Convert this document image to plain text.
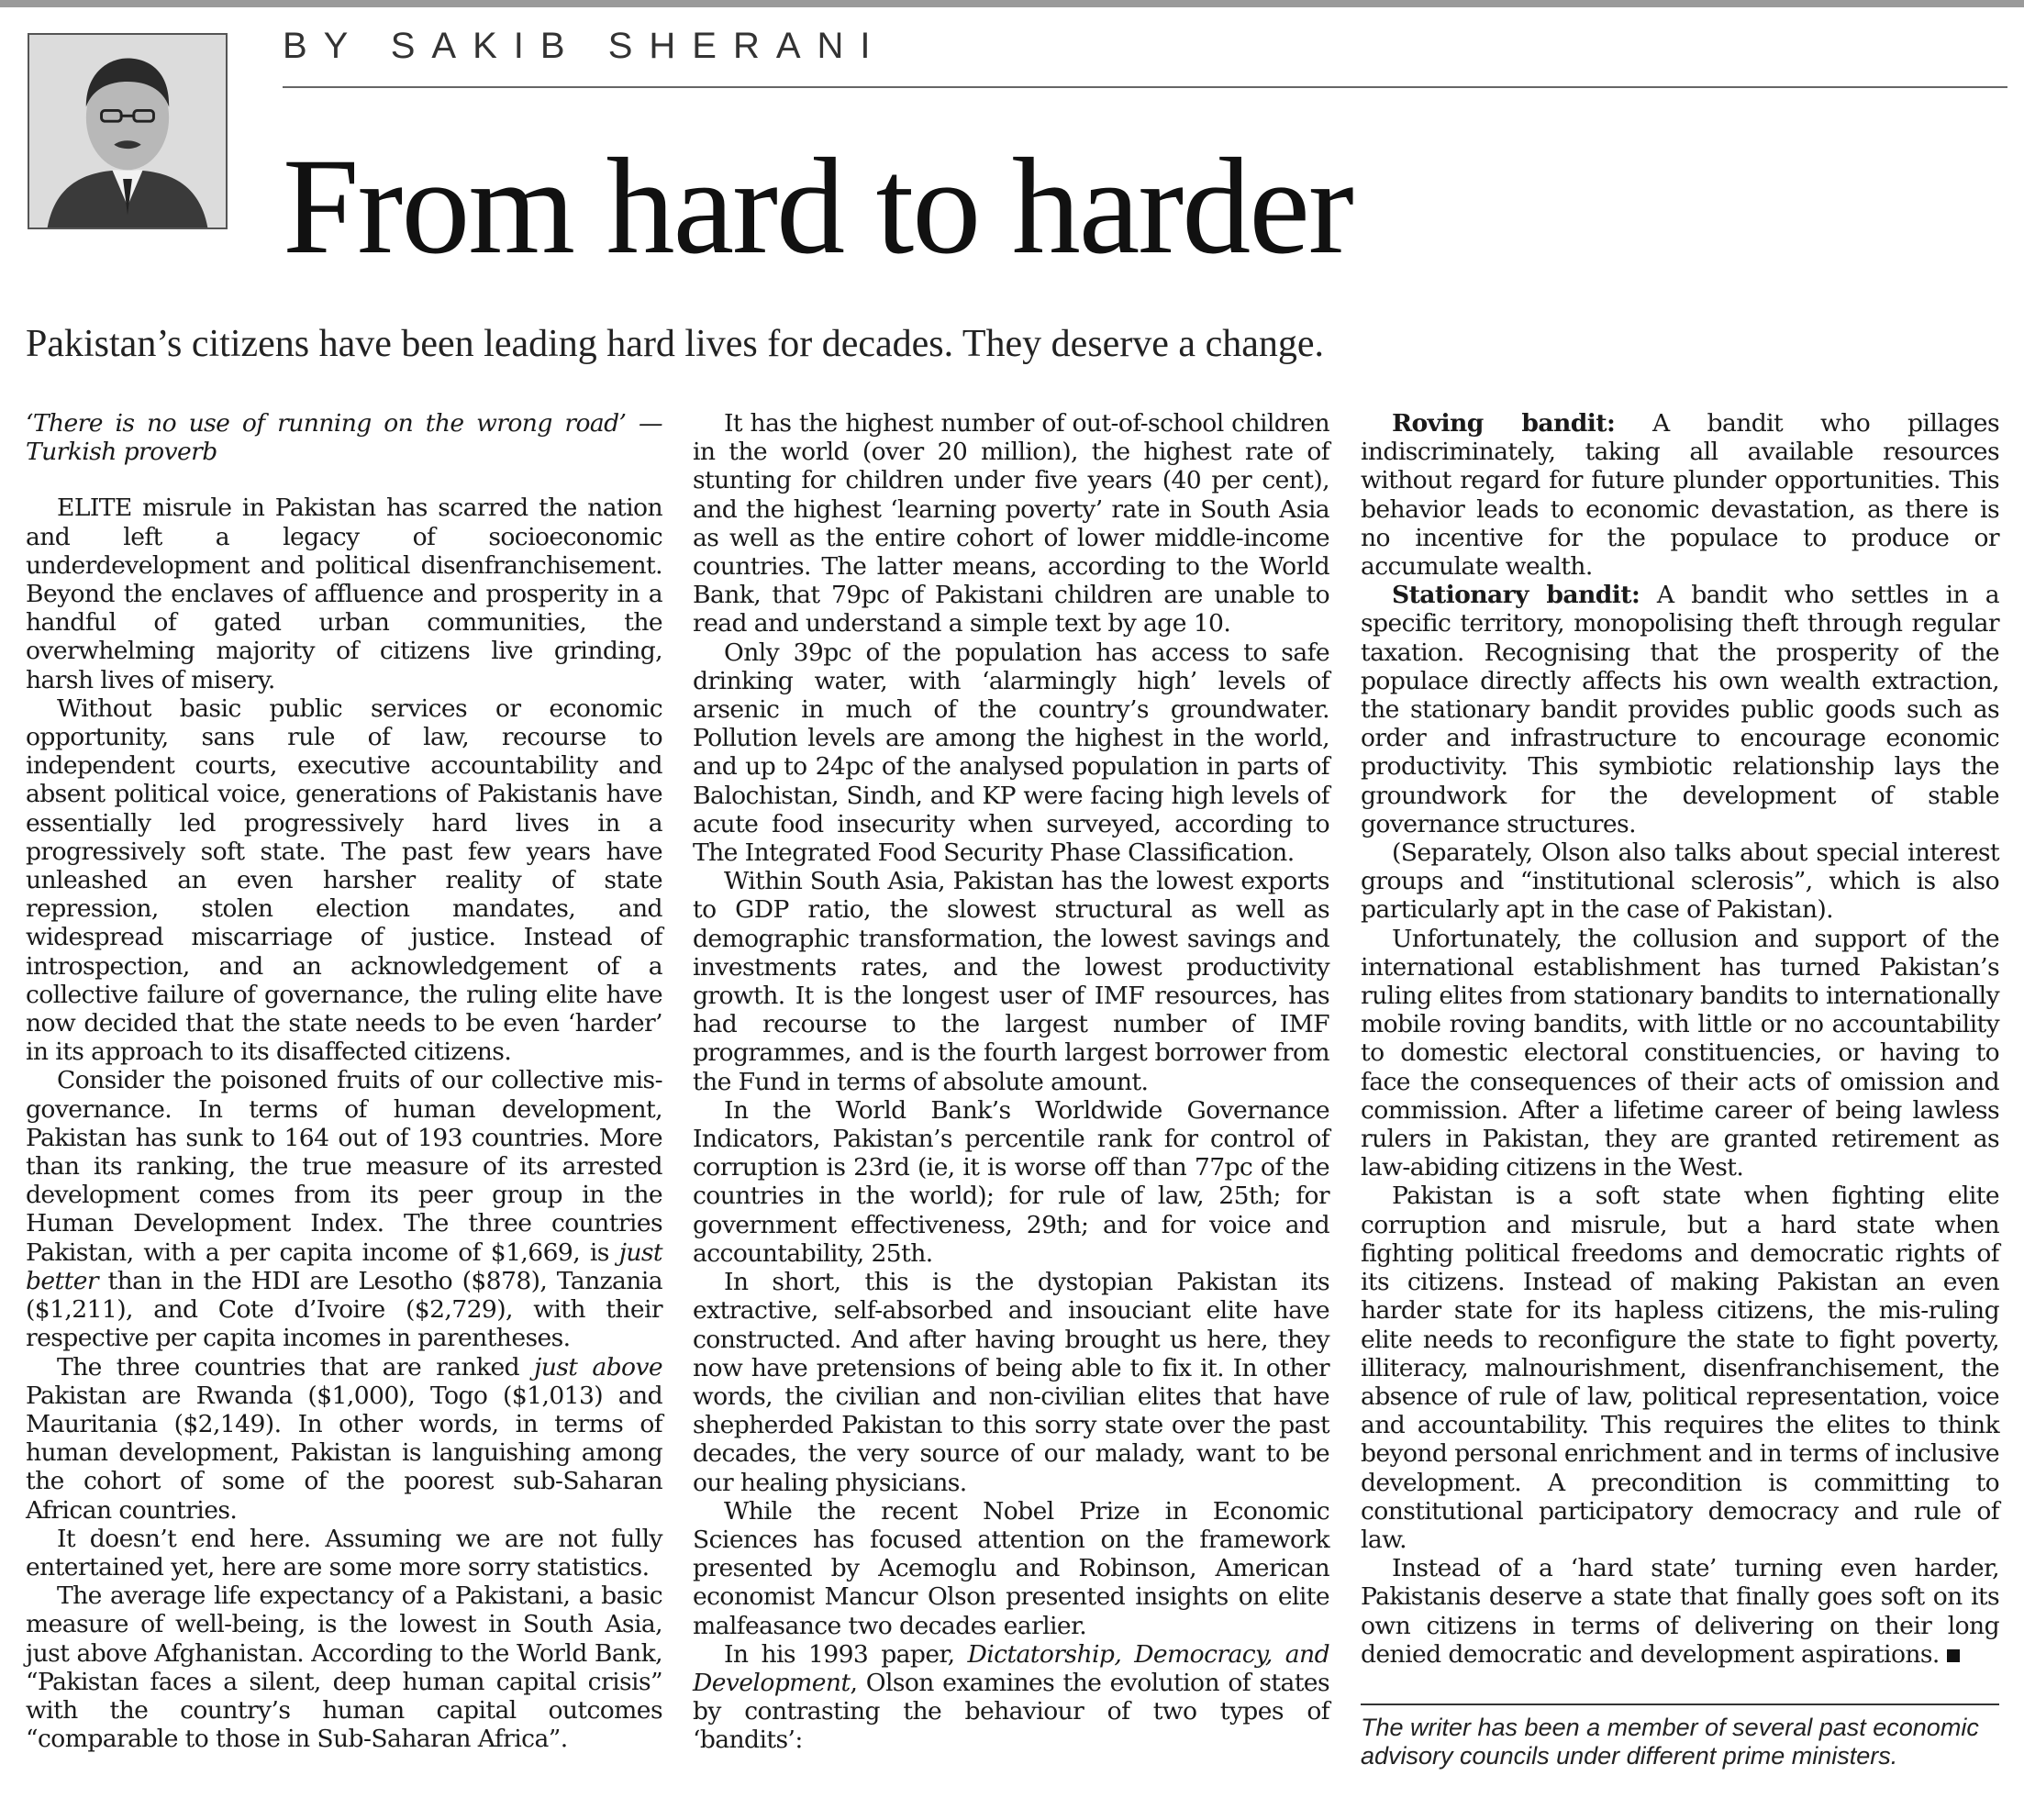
BY SAKIB SHERANI
From hard to harder

Pakistan’s citizens have been leading hard lives for decades. They deserve a change.

‘There is no use of running on the wrong road’ — Turkish proverb

ELITE misrule in Pakistan has scarred the nation and left a legacy of socioeconomic underdevelopment and political disenfranchisement. Beyond the enclaves of affluence and prosperity in a handful of gated urban communities, the overwhelming majority of citizens live grinding, harsh lives of misery.

Without basic public services or economic opportunity, sans rule of law, recourse to independent courts, executive accountability and absent political voice, generations of Pakistanis have essentially led progressively hard lives in a progressively soft state. The past few years have unleashed an even harsher reality of state repression, stolen election mandates, and widespread miscarriage of justice. Instead of introspection, and an acknowledgement of a collective failure of governance, the ruling elite have now decided that the state needs to be even ‘harder’ in its approach to its disaffected citizens.

Consider the poisoned fruits of our collective mis-governance. In terms of human development, Pakistan has sunk to 164 out of 193 countries. More than its ranking, the true measure of its arrested development comes from its peer group in the Human Development Index. The three countries Pakistan, with a per capita income of $1,669, is just better than in the HDI are Lesotho ($878), Tanzania ($1,211), and Cote d’Ivoire ($2,729), with their respective per capita incomes in parentheses.

The three countries that are ranked just above Pakistan are Rwanda ($1,000), Togo ($1,013) and Mauritania ($2,149). In other words, in terms of human development, Pakistan is languishing among the cohort of some of the poorest sub-Saharan African countries.

It doesn’t end here. Assuming we are not fully entertained yet, here are some more sorry statistics.

The average life expectancy of a Pakistani, a basic measure of well-being, is the lowest in South Asia, just above Afghanistan. According to the World Bank, “Pakistan faces a silent, deep human capital crisis” with the country’s human capital outcomes “comparable to those in Sub-Saharan Africa”.

It has the highest number of out-of-school children in the world (over 20 million), the highest rate of stunting for children under five years (40 per cent), and the highest ‘learning poverty’ rate in South Asia as well as the entire cohort of lower middle-income countries. The latter means, according to the World Bank, that 79pc of Pakistani children are unable to read and understand a simple text by age 10.

Only 39pc of the population has access to safe drinking water, with ‘alarmingly high’ levels of arsenic in much of the country’s groundwater. Pollution levels are among the highest in the world, and up to 24pc of the analysed population in parts of Balochistan, Sindh, and KP were facing high levels of acute food insecurity when surveyed, according to The Integrated Food Security Phase Classification.

Within South Asia, Pakistan has the lowest exports to GDP ratio, the slowest structural as well as demographic transformation, the lowest savings and investments rates, and the lowest productivity growth. It is the longest user of IMF resources, has had recourse to the largest number of IMF programmes, and is the fourth largest borrower from the Fund in terms of absolute amount.

In the World Bank’s Worldwide Governance Indicators, Pakistan’s percentile rank for control of corruption is 23rd (ie, it is worse off than 77pc of the countries in the world); for rule of law, 25th; for government effectiveness, 29th; and for voice and accountability, 25th.

In short, this is the dystopian Pakistan its extractive, self-absorbed and insouciant elite have constructed. And after having brought us here, they now have pretensions of being able to fix it. In other words, the civilian and non-civilian elites that have shepherded Pakistan to this sorry state over the past decades, the very source of our malady, want to be our healing physicians.

While the recent Nobel Prize in Economic Sciences has focused attention on the framework presented by Acemoglu and Robinson, American economist Mancur Olson presented insights on elite malfeasance two decades earlier.

In his 1993 paper, Dictatorship, Democracy, and Development, Olson examines the evolution of states by contrasting the behaviour of two types of ‘bandits’:

Roving bandit: A bandit who pillages indiscriminately, taking all available resources without regard for future plunder opportunities. This behavior leads to economic devastation, as there is no incentive for the populace to produce or accumulate wealth.

Stationary bandit: A bandit who settles in a specific territory, monopolising theft through regular taxation. Recognising that the prosperity of the populace directly affects his own wealth extraction, the stationary bandit provides public goods such as order and infrastructure to encourage economic productivity. This symbiotic relationship lays the groundwork for the development of stable governance structures.

(Separately, Olson also talks about special interest groups and “institutional sclerosis”, which is also particularly apt in the case of Pakistan).

Unfortunately, the collusion and support of the international establishment has turned Pakistan’s ruling elites from stationary bandits to internationally mobile roving bandits, with little or no accountability to domestic electoral constituencies, or having to face the consequences of their acts of omission and commission. After a lifetime career of being lawless rulers in Pakistan, they are granted retirement as law-abiding citizens in the West.

Pakistan is a soft state when fighting elite corruption and misrule, but a hard state when fighting political freedoms and democratic rights of its citizens. Instead of making Pakistan an even harder state for its hapless citizens, the mis-ruling elite needs to reconfigure the state to fight poverty, illiteracy, malnourishment, disenfranchisement, the absence of rule of law, political representation, voice and accountability. This requires the elites to think beyond personal enrichment and in terms of inclusive development. A precondition is committing to constitutional participatory democracy and rule of law.

Instead of a ‘hard state’ turning even harder, Pakistanis deserve a state that finally goes soft on its own citizens in terms of delivering on their long denied democratic and development aspirations.

The writer has been a member of several past economic advisory councils under different prime ministers.
